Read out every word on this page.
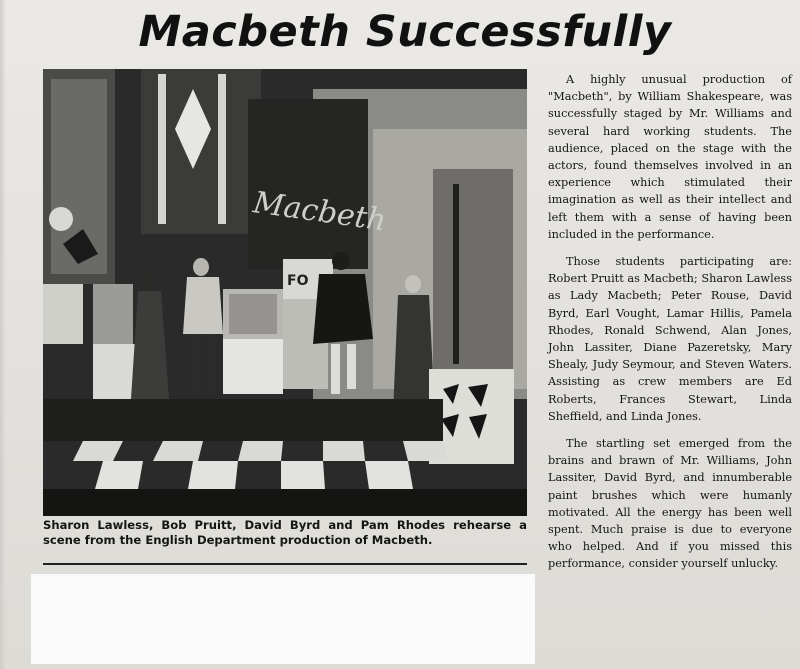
Macbeth Successfully
Macbeth
FO

Sharon Lawless, Bob Pruitt, David Byrd and Pam Rhodes rehearse a scene from the English Department production of Macbeth.

A highly unusual production of "Macbeth", by William Shakespeare, was successfully staged by Mr. Williams and several hard working students. The audience, placed on the stage with the actors, found themselves involved in an experience which stimulated their imagination as well as their intellect and left them with a sense of having been included in the performance.

Those students participating are: Robert Pruitt as Macbeth; Sharon Lawless as Lady Macbeth; Peter Rouse, David Byrd, Earl Vought, Lamar Hillis, Pamela Rhodes, Ronald Schwend, Alan Jones, John Lassiter, Diane Pazeretsky, Mary Shealy, Judy Seymour, and Steven Waters. Assisting as crew members are Ed Roberts, Frances Stewart, Linda Sheffield, and Linda Jones.

The startling set emerged from the brains and brawn of Mr. Williams, John Lassiter, David Byrd, and innumberable paint brushes which were humanly motivated. All the energy has been well spent. Much praise is due to everyone who helped. And if you missed this performance, consider yourself unlucky.
